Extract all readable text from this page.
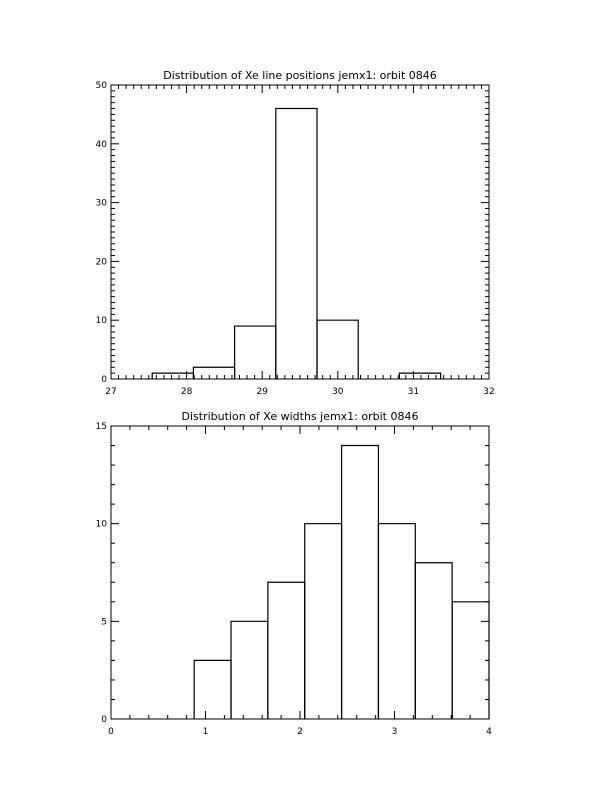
Distribution of Xe line positions jemx1: orbit 0846
27	28	29	30	31	32
0
10
20
30
40
50
Distribution of Xe widths jemx1: orbit 0846
0	1	2	3	4
0
5
10
15
